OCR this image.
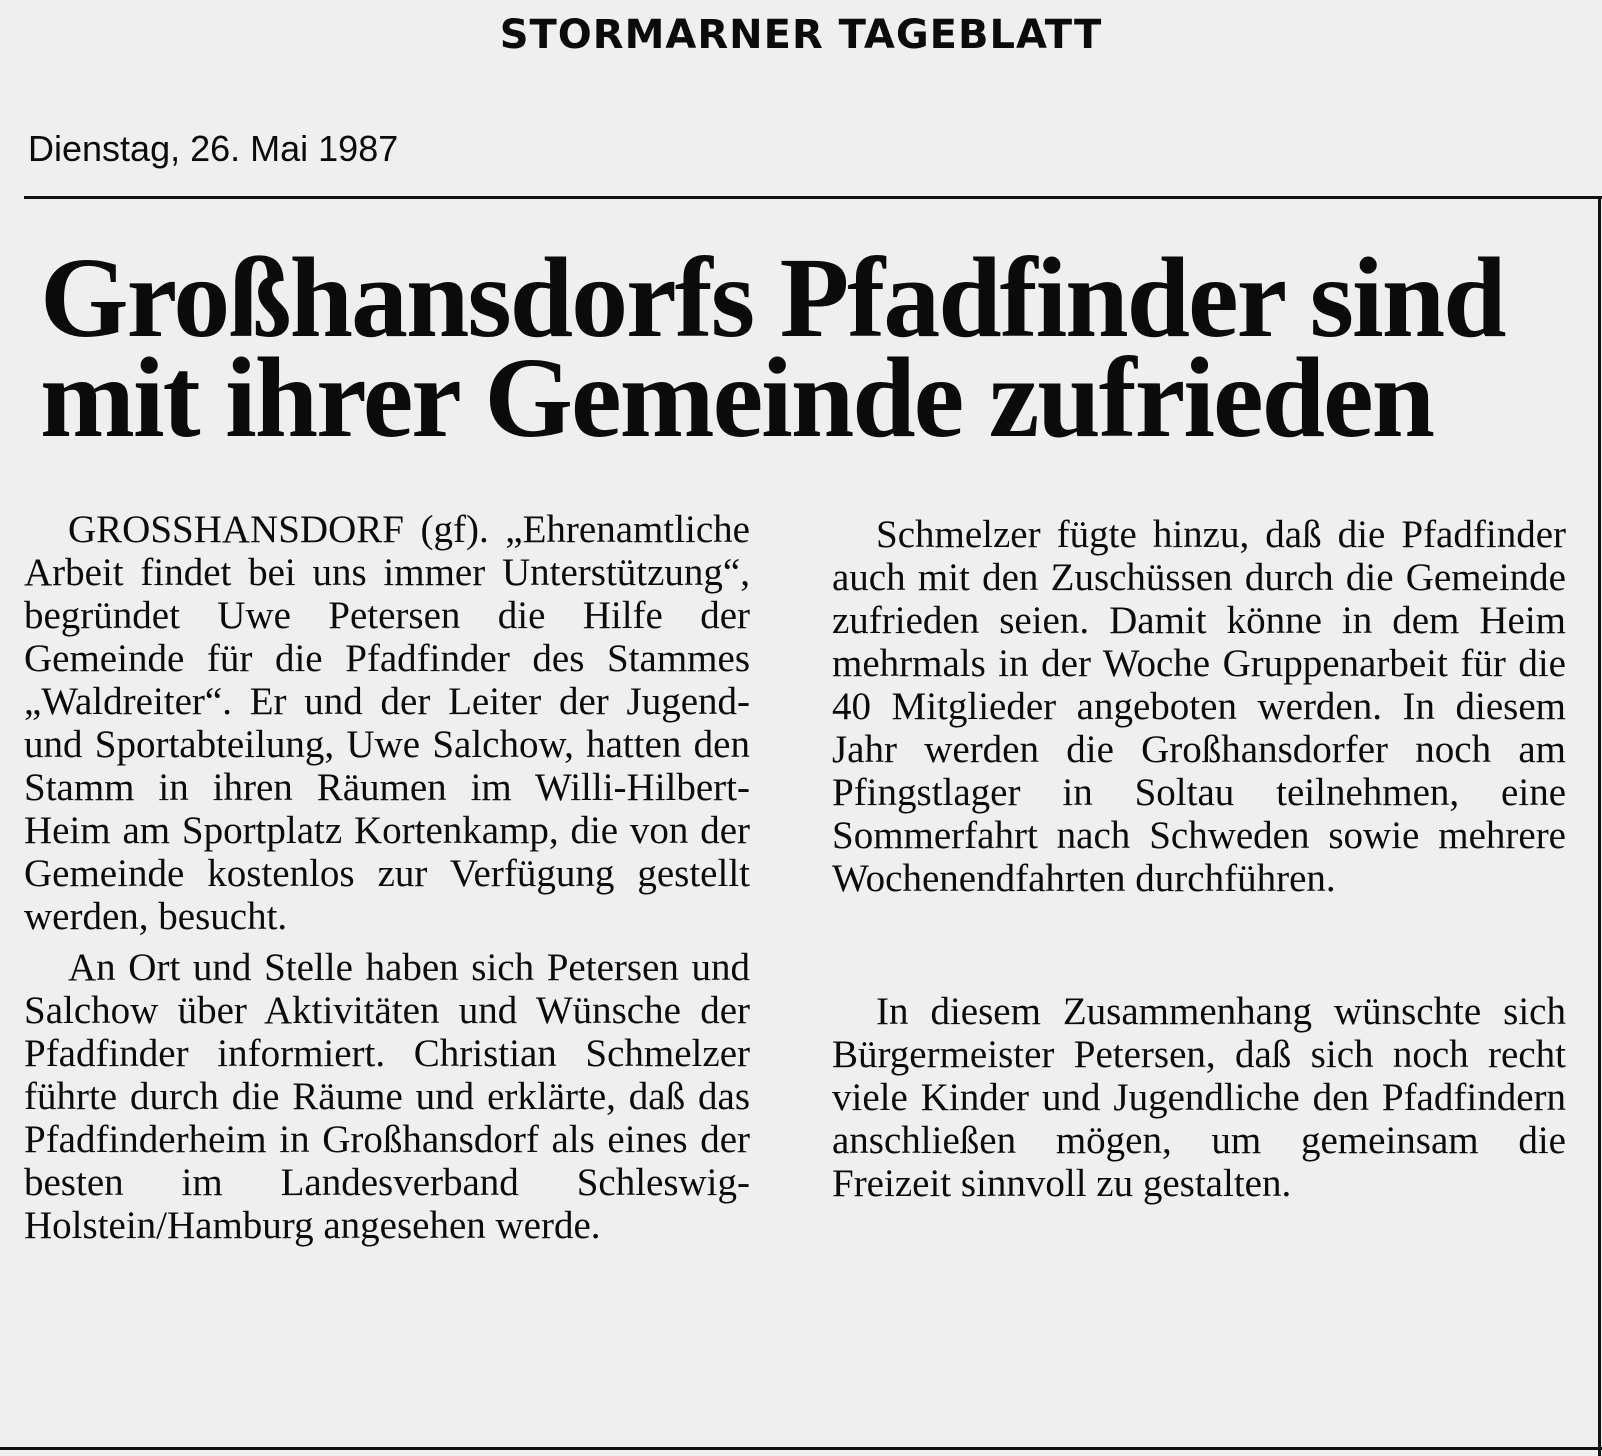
STORMARNER TAGEBLATT
Dienstag, 26. Mai 1987
Großhansdorfs Pfadfinder sind
mit ihrer Gemeinde zufrieden

GROSSHANSDORF (gf). „Ehrenamtliche Arbeit findet bei uns immer Unterstützung“, begründet Uwe Petersen die Hilfe der Gemeinde für die Pfadfinder des Stammes „Waldreiter“. Er und der Leiter der Jugend- und Sportabteilung, Uwe Salchow, hatten den Stamm in ihren Räumen im Willi-Hilbert-Heim am Sportplatz Kortenkamp, die von der Gemeinde kostenlos zur Verfügung gestellt werden, besucht.

An Ort und Stelle haben sich Petersen und Salchow über Aktivitäten und Wünsche der Pfadfinder informiert. Christian Schmelzer führte durch die Räume und erklärte, daß das Pfadfinderheim in Großhansdorf als eines der besten im Landesverband Schleswig-Holstein/Hamburg angesehen werde.

Schmelzer fügte hinzu, daß die Pfadfinder auch mit den Zuschüssen durch die Gemeinde zufrieden seien. Damit könne in dem Heim mehrmals in der Woche Gruppenarbeit für die 40 Mitglieder angeboten werden. In diesem Jahr werden die Großhansdorfer noch am Pfingstlager in Soltau teilnehmen, eine Sommerfahrt nach Schweden sowie mehrere Wochenendfahrten durchführen.

In diesem Zusammenhang wünschte sich Bürgermeister Petersen, daß sich noch recht viele Kinder und Jugendliche den Pfadfindern anschließen mögen, um gemeinsam die Freizeit sinnvoll zu gestalten.
